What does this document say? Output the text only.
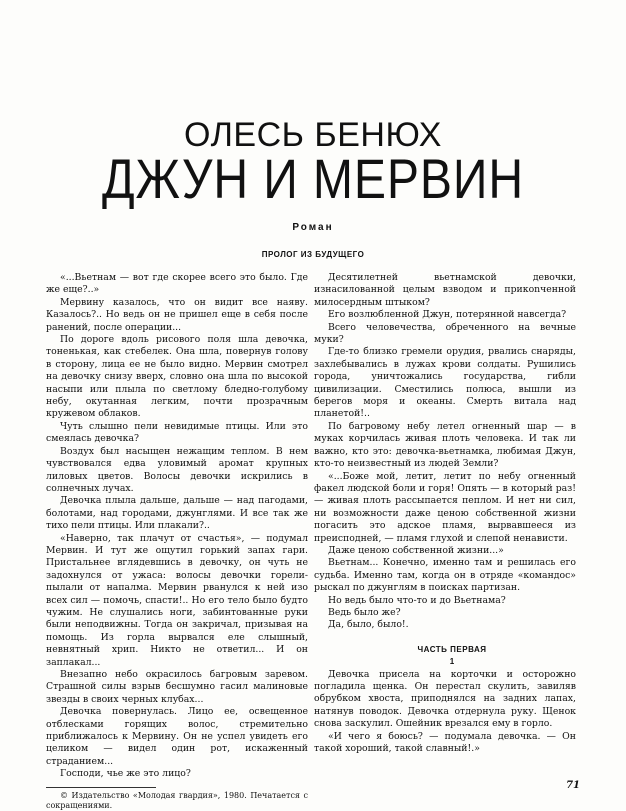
ОЛЕСЬ БЕНЮХ
ДЖУН И МЕРВИН
Роман
ПРОЛОГ ИЗ БУДУЩЕГО

«...Вьетнам — вот где скорее всего это было. Где же еще?..»

Мервину казалось, что он видит все наяву. Казалось?.. Но ведь он не пришел еще в себя после ранений, после операции...

По дороге вдоль рисового поля шла девочка, тоненькая, как стебелек. Она шла, повернув голову в сторону, лица ее не было видно. Мервин смотрел на девочку снизу вверх, словно она шла по высокой насыпи или плыла по светлому бледно-голубому небу, окутанная легким, почти прозрачным кружевом облаков.

Чуть слышно пели невидимые птицы. Или это смеялась девочка?

Воздух был насыщен нежащим теплом. В нем чувствовался едва уловимый аромат крупных лиловых цветов. Волосы девочки искрились в солнечных лучах.

Девочка плыла дальше, дальше — над пагодами, болотами, над городами, джунглями. И все так же тихо пели птицы. Или плакали?..

«Наверно, так плачут от счастья», — подумал Мервин. И тут же ощутил горький запах гари. Пристальнее вглядевшись в девочку, он чуть не задохнулся от ужаса: волосы девочки горели-пылали от напалма. Мервин рванулся к ней изо всех сил — помочь, спасти!.. Но его тело было будто чужим. Не слушались ноги, забинтованные руки были неподвижны. Тогда он закричал, призывая на помощь. Из горла вырвался еле слышный, невнятный хрип. Никто не ответил... И он заплакал...

Внезапно небо окрасилось багровым заревом. Страшной силы взрыв бесшумно гасил малиновые звезды в своих черных клубах...

Девочка повернулась. Лицо ее, освещенное отблесками горящих волос, стремительно приближалось к Мервину. Он не успел увидеть его целиком — видел один рот, искаженный страданием...

Господи, чье же это лицо?

© Издательство «Молодая гвардия», 1980. Печатается с сокращениями.

Десятилетней вьетнамской девочки, изнасилованной целым взводом и прикonченной милосердным штыком?

Его возлюбленной Джун, потерянной навсегда?

Всего человечества, обреченного на вечные муки?

Где-то близко гремели орудия, рвались снаряды, захлебывались в лужах крови солдаты. Рушились города, уничтожались государства, гибли цивилизации. Сместились полюса, вышли из берегов моря и океаны. Смерть витала над планетой!..

По багровому небу летел огненный шар — в муках корчилась живая плоть человека. И так ли важно, кто это: девочка-вьетнамка, любимая Джун, кто-то неизвестный из людей Земли?

«...Боже мой, летит, летит по небу огненный факел людской боли и горя! Опять — в который раз! — живая плоть рассыпается пеплом. И нет ни сил, ни возможности даже ценою собственной жизни погасить это адское пламя, вырвавшееся из преисподней, — пламя глухой и слепой ненависти.

Даже ценою собственной жизни...»

Вьетнам... Конечно, именно там и решилась его судьба. Именно там, когда он в отряде «командос» рыскал по джунглям в поисках партизан.

Но ведь было что-то и до Вьетнама?

Ведь было же?

Да, было, было!.

ЧАСТЬ ПЕРВАЯ

1

Девочка присела на корточки и осторожно погладила щенка. Он перестал скулить, завиляв обрубком хвоста, приподнялся на задних лапах, натянув поводок. Девочка отдернула руку. Щенок снова заскулил. Ошейник врезался ему в горло.

«И чего я боюсь? — подумала девочка. — Он такой хороший, такой славный!.»

71
